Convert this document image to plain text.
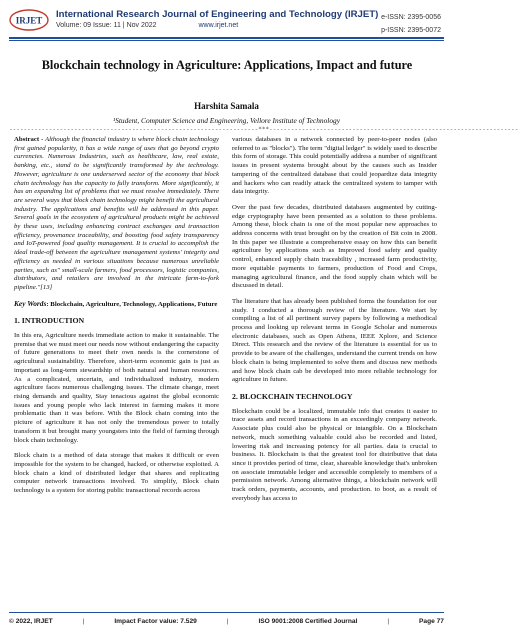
IRJET
International Research Journal of Engineering and Technology (IRJET)
Volume: 09 Issue: 11 | Nov 2022	www.irjet.net
e-ISSN: 2395-0056
p-ISSN: 2395-0072
Blockchain technology in Agriculture: Applications, Impact and future
Harshita Samala
¹Student, Computer Science and Engineering, Vellore Institute of Technology
---------------------------------------------------------------------***---------------------------------------------------------------------

Abstract - Although the financial industry is where block chain technology first gained popularity, it has a wide range of uses that go beyond crypto currencies. Numerous Industries, such as healthcare, law, real estate, banking, etc., stand to be significantly transformed by the technology. However, agriculture is one underserved sector of the economy that block chain technology has the capacity to fully transform. More significantly, it has an expanding list of problems that we must resolve immediately. There are several ways that block chain technology might benefit the agricultural industry. The applications and benefits will be addressed in this paper. Several goals in the ecosystem of agricultural products might be achieved by these uses, including enhancing contract exchanges and transaction efficiency, provenance traceability, and boosting food safety transparency and IoT-powered food quality management. It is crucial to accomplish the ideal trade-off between the agriculture management systems' integrity and efficiency as needed in various situations because numerous unreliable parties, such as" small-scale farmers, food processors, logistic companies, distributors, and retailers are involved in the intricate farm-to-fork pipeline."[13]

Key Words: Blockchain, Agriculture, Technology, Applications, Future

1. INTRODUCTION

In this era, Agriculture needs immediate action to make it sustainable. The premise that we must meet our needs now without endangering the capacity of future generations to meet their own needs is the cornerstone of agricultural sustainability. Therefore, short-term economic gain is just as important as long-term stewardship of both natural and human resources. As a complicated, uncertain, and individualized industry, modern agriculture faces numerous challenging issues. The climate change, meet rising demands and quality, Stay tenacious against the global economic issues and young people who lack interest in farming makes it more problematic than it was before. With the Block chain coming into the picture of agriculture it has not only the tremendous power to totally transform it but brought many youngsters into the field of farming through block chain technology.

Block chain is a method of data storage that makes it difficult or even impossible for the system to be changed, hacked, or otherwise exploited. A block chain a kind of distributed ledger that shares and replicating computer network transactions involved. To simplify, Block chain technology is a system for storing public transactional records across

various databases in a network connected by peer-to-peer nodes (also referred to as "blocks"). The term "digital ledger" is widely used to describe this form of storage. This could potentially address a number of significant issues in present systems brought about by the causes such as Insider tampering of the centralized database that could jeopardize data integrity and hackers who can readily attack the centralized system to tamper with data integrity.

Over the past few decades, distributed databases augmented by cutting-edge cryptography have been presented as a solution to these problems. Among these, block chain is one of the most popular new approaches to address concerns with trust brought on by the creation of Bit coin in 2008. In this paper we illustrate a comprehensive essay on how this can benefit agriculture by applications such as Improved food safety and quality control, enhanced supply chain traceability , increased farm productivity, more equitable payments to farmers, production of Food and Crops, managing agricultural finance, and the food supply chain which will be discussed in detail.

The literature that has already been published forms the foundation for our study. I conducted a thorough review of the literature. We start by compiling a list of all pertinent survey papers by following a methodical process and looking up relevant terms in Google Scholar and numerous electronic databases, such as Open Athens, IEEE Xplore, and Science Direct. This research and the review of the literature is essential for us to provide to be aware of the challenges, understand the current trends on how block chain is being implemented to solve them and discuss new methods and how block chain cab be developed into more reliable technology for agriculture in future.

2. BLOCKCHAIN TECHNOLOGY

Blockchain could be a localized, immutable info that creates it easier to trace assets and record transactions in an exceedingly company network. Associate plus could also be physical or intangible. On a Blockchain network, much something valuable could also be recorded and listed, lowering risk and increasing potency for all parties. data is crucial to business. It. Blockchain is that the greatest tool for distributive that data since it provides period of time, clear, shareable knowledge that's unbroken on associate immutable ledger and accessible completely to members of a permission network. Among alternative things, a blockchain network will track orders, payments, accounts, and production. to boot, as a result of everybody has access to

© 2022, IRJET	|	Impact Factor value: 7.529	|	ISO 9001:2008 Certified Journal	|	Page 77
